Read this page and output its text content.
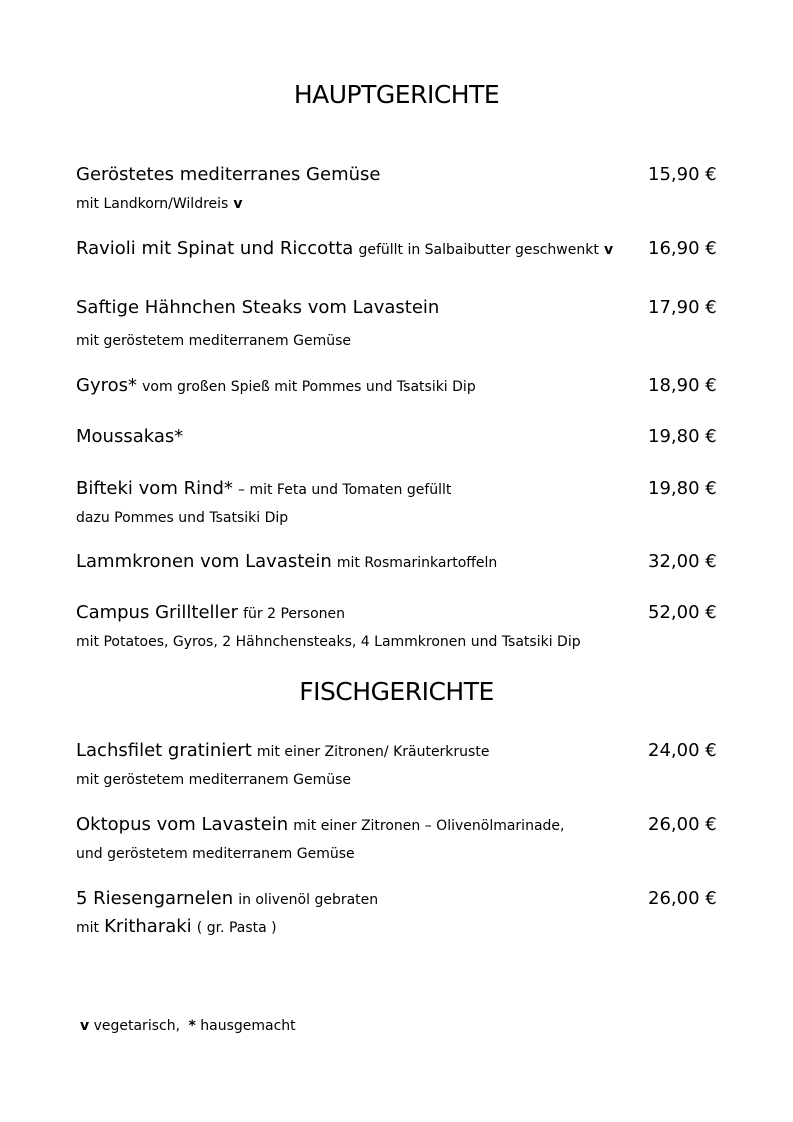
HAUPTGERICHTE
Geröstetes mediterranes Gemüse	15,90 €
mit Landkorn/Wildreis v
Ravioli mit Spinat und Riccotta gefüllt in Salbaibutter geschwenkt v 16,90 €
Saftige Hähnchen Steaks vom Lavastein	17,90 €
mit geröstetem mediterranem Gemüse
Gyros* vom großen Spieß mit Pommes und Tsatsiki Dip	18,90 €
Moussakas*	19,80 €
Bifteki vom Rind* – mit Feta und Tomaten gefüllt	19,80 €
dazu Pommes und Tsatsiki Dip
Lammkronen vom Lavastein mit Rosmarinkartoffeln	32,00 €
Campus Grillteller für 2 Personen	52,00 €
mit Potatoes, Gyros, 2 Hähnchensteaks, 4 Lammkronen und Tsatsiki Dip
FISCHGERICHTE
Lachsfilet gratiniert mit einer Zitronen/ Kräuterkruste	24,00 €
mit geröstetem mediterranem Gemüse
Oktopus vom Lavastein mit einer Zitronen – Olivenölmarinade,	26,00 €
und geröstetem mediterranem Gemüse
5 Riesengarnelen in olivenöl gebraten	26,00 €
mit Kritharaki ( gr. Pasta )
v vegetarisch, * hausgemacht
